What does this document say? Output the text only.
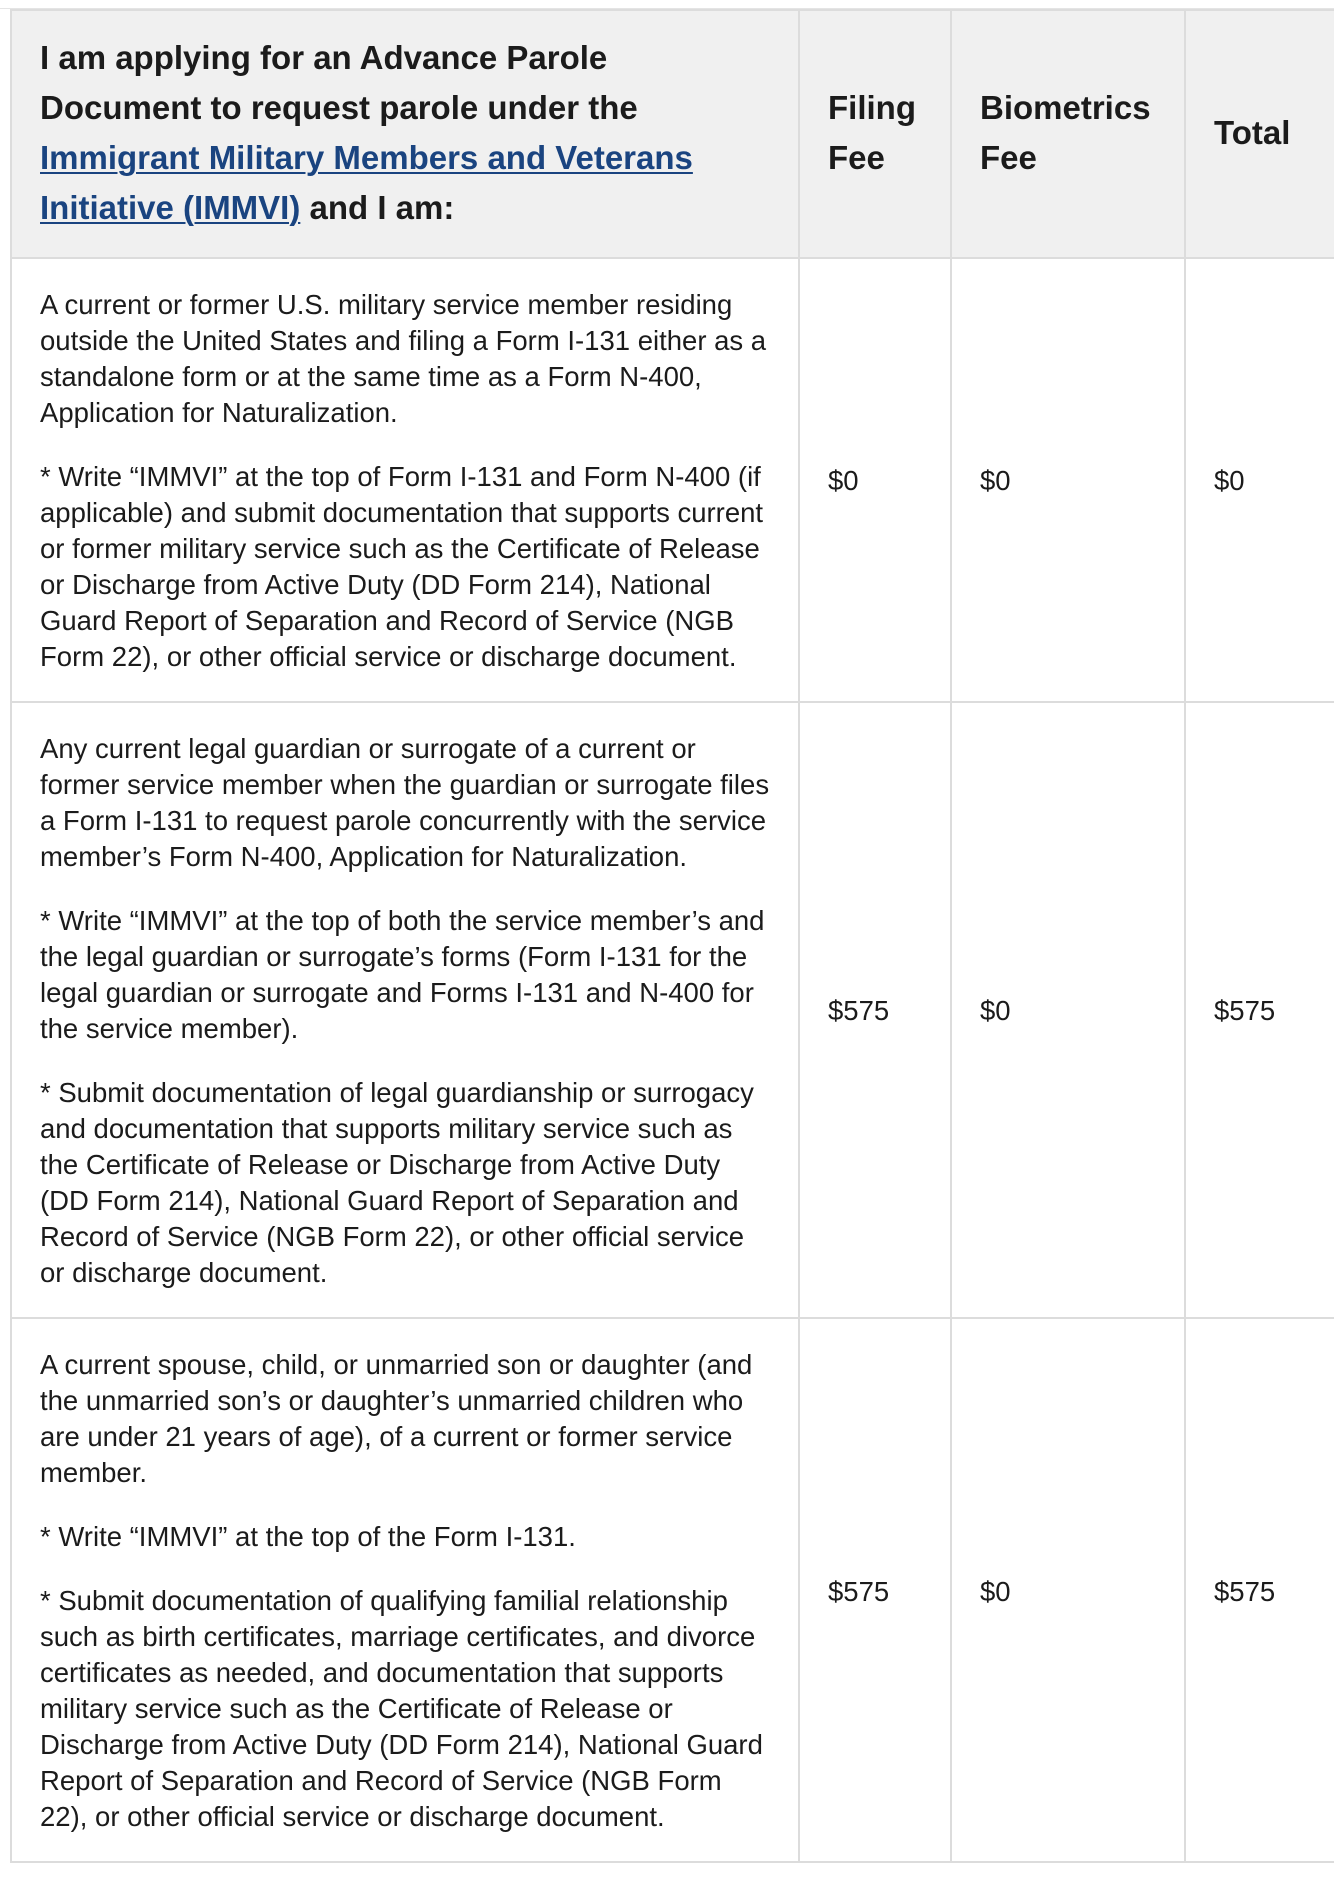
I am applying for an Advance Parole Document to request parole under the Immigrant Military Members and Veterans Initiative (IMMVI) and I am:	Filing Fee	Biometrics Fee	Total

A current or former U.S. military service member residing outside the United States and filing a Form I-131 either as a standalone form or at the same time as a Form N-400, Application for Naturalization.

* Write “IMMVI” at the top of Form I-131 and Form N-400 (if applicable) and submit documentation that supports current or former military service such as the Certificate of Release or Discharge from Active Duty (DD Form 214), National Guard Report of Separation and Record of Service (NGB Form 22), or other official service or discharge document.	$0	$0	$0

Any current legal guardian or surrogate of a current or former service member when the guardian or surrogate files a Form I-131 to request parole concurrently with the service member’s Form N-400, Application for Naturalization.

* Write “IMMVI” at the top of both the service member’s and the legal guardian or surrogate’s forms (Form I-131 for the legal guardian or surrogate and Forms I-131 and N-400 for the service member).

* Submit documentation of legal guardianship or surrogacy and documentation that supports military service such as the Certificate of Release or Discharge from Active Duty (DD Form 214), National Guard Report of Separation and Record of Service (NGB Form 22), or other official service or discharge document.	$575	$0	$575

A current spouse, child, or unmarried son or daughter (and the unmarried son’s or daughter’s unmarried children who are under 21 years of age), of a current or former service member.

* Write “IMMVI” at the top of the Form I-131.

* Submit documentation of qualifying familial relationship such as birth certificates, marriage certificates, and divorce certificates as needed, and documentation that supports military service such as the Certificate of Release or Discharge from Active Duty (DD Form 214), National Guard Report of Separation and Record of Service (NGB Form 22), or other official service or discharge document.	$575	$0	$575
